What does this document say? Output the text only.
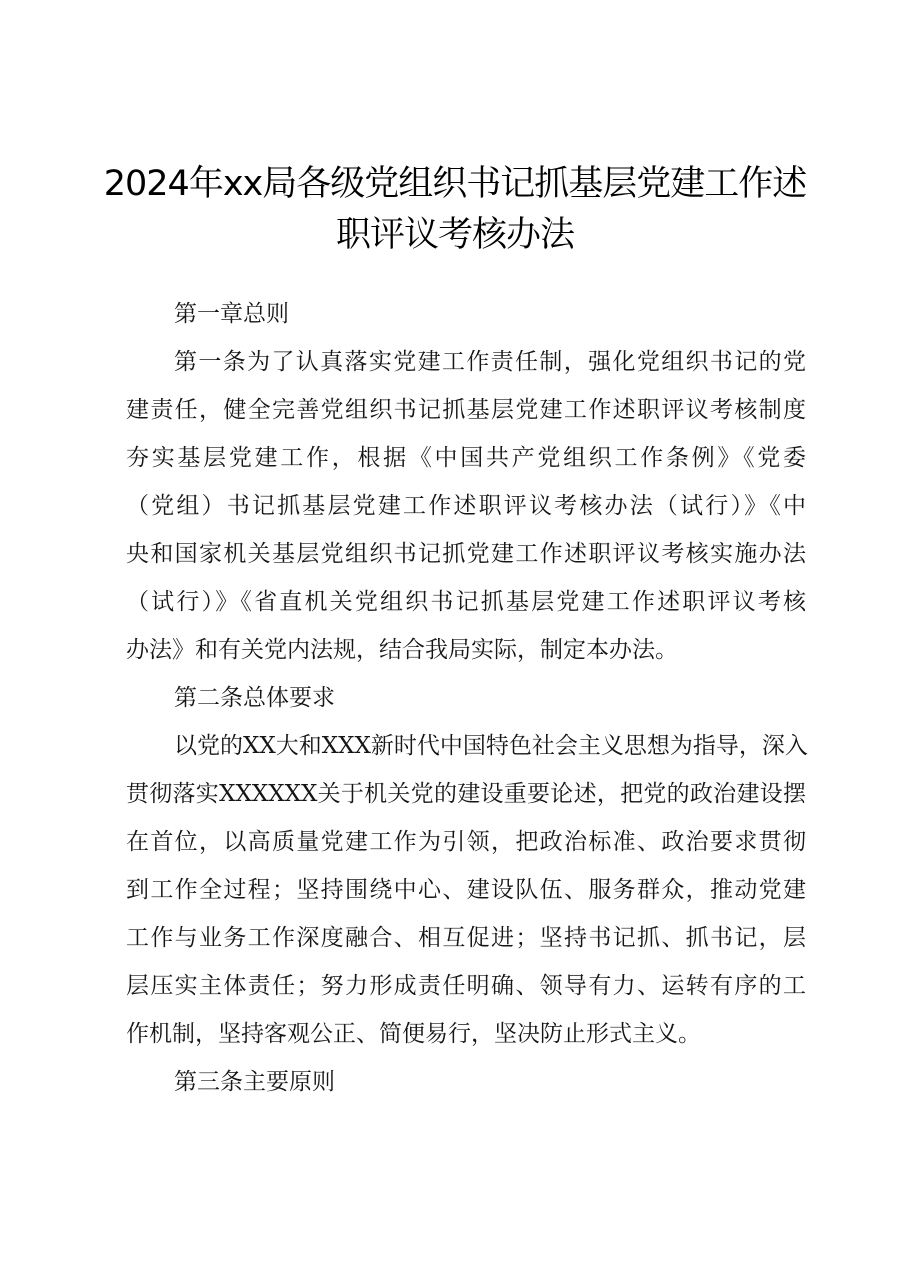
2024年xx局各级党组织书记抓基层党建工作述
职评议考核办法
第一章总则
第一条为了认真落实党建工作责任制，强化党组织书记的党
建责任，健全完善党组织书记抓基层党建工作述职评议考核制度
夯实基层党建工作，根据《中国共产党组织工作条例》《党委
（党组）书记抓基层党建工作述职评议考核办法（试行）》《中
央和国家机关基层党组织书记抓党建工作述职评议考核实施办法
（试行）》《省直机关党组织书记抓基层党建工作述职评议考核
办法》和有关党内法规，结合我局实际，制定本办法。
第二条总体要求
以党的XX大和XXX新时代中国特色社会主义思想为指导，深入
贯彻落实XXXXXX关于机关党的建设重要论述，把党的政治建设摆
在首位，以高质量党建工作为引领，把政治标准、政治要求贯彻
到工作全过程；坚持围绕中心、建设队伍、服务群众，推动党建
工作与业务工作深度融合、相互促进；坚持书记抓、抓书记，层
层压实主体责任；努力形成责任明确、领导有力、运转有序的工
作机制，坚持客观公正、简便易行，坚决防止形式主义。
第三条主要原则
